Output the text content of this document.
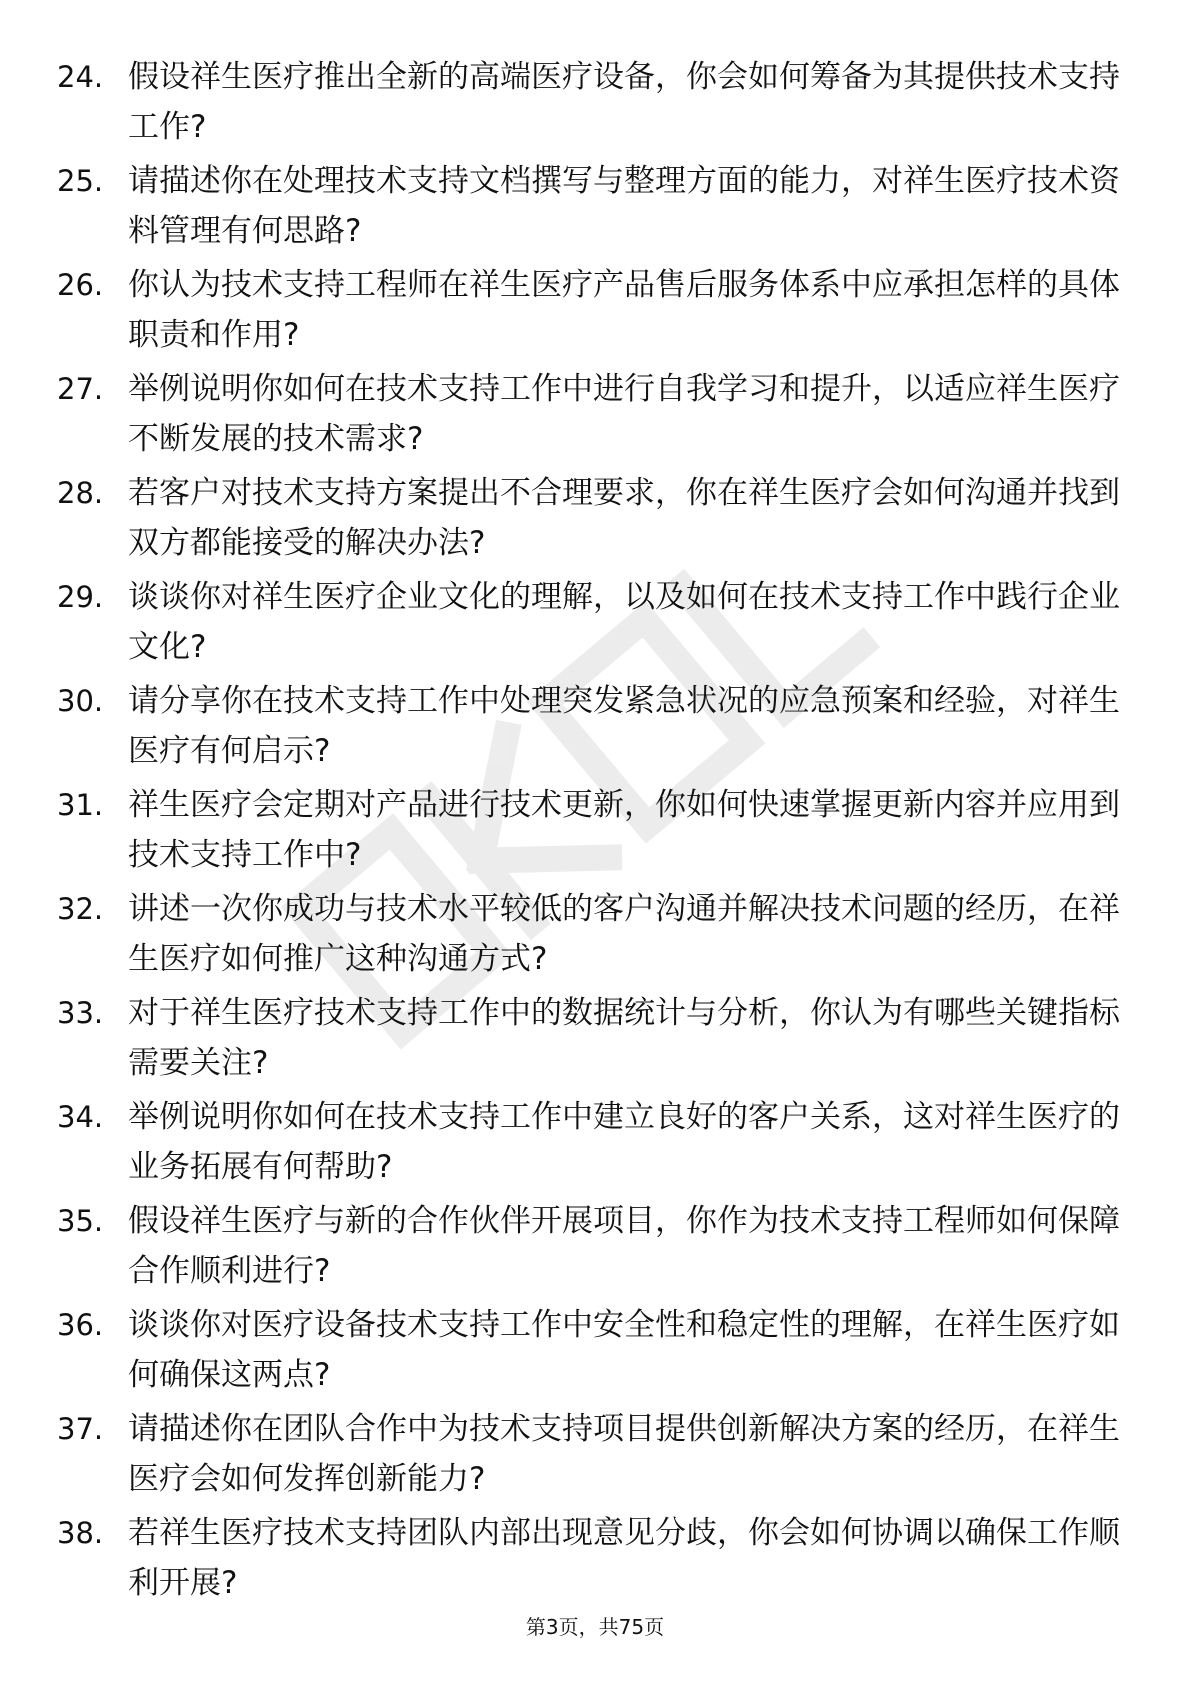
24. 假设祥生医疗推出全新的高端医疗设备，你会如何筹备为其提供技术支持工作?
25. 请描述你在处理技术支持文档撰写与整理方面的能力，对祥生医疗技术资料管理有何思路?
26. 你认为技术支持工程师在祥生医疗产品售后服务体系中应承担怎样的具体职责和作用?
27. 举例说明你如何在技术支持工作中进行自我学习和提升，以适应祥生医疗不断发展的技术需求?
28. 若客户对技术支持方案提出不合理要求，你在祥生医疗会如何沟通并找到双方都能接受的解决办法?
29. 谈谈你对祥生医疗企业文化的理解，以及如何在技术支持工作中践行企业文化?
30. 请分享你在技术支持工作中处理突发紧急状况的应急预案和经验，对祥生医疗有何启示?
31. 祥生医疗会定期对产品进行技术更新，你如何快速掌握更新内容并应用到技术支持工作中?
32. 讲述一次你成功与技术水平较低的客户沟通并解决技术问题的经历，在祥生医疗如何推广这种沟通方式?
33. 对于祥生医疗技术支持工作中的数据统计与分析，你认为有哪些关键指标需要关注?
34. 举例说明你如何在技术支持工作中建立良好的客户关系，这对祥生医疗的业务拓展有何帮助?
35. 假设祥生医疗与新的合作伙伴开展项目，你作为技术支持工程师如何保障合作顺利进行?
36. 谈谈你对医疗设备技术支持工作中安全性和稳定性的理解，在祥生医疗如何确保这两点?
37. 请描述你在团队合作中为技术支持项目提供创新解决方案的经历，在祥生医疗会如何发挥创新能力?
38. 若祥生医疗技术支持团队内部出现意见分歧，你会如何协调以确保工作顺利开展?
第3页，共75页
